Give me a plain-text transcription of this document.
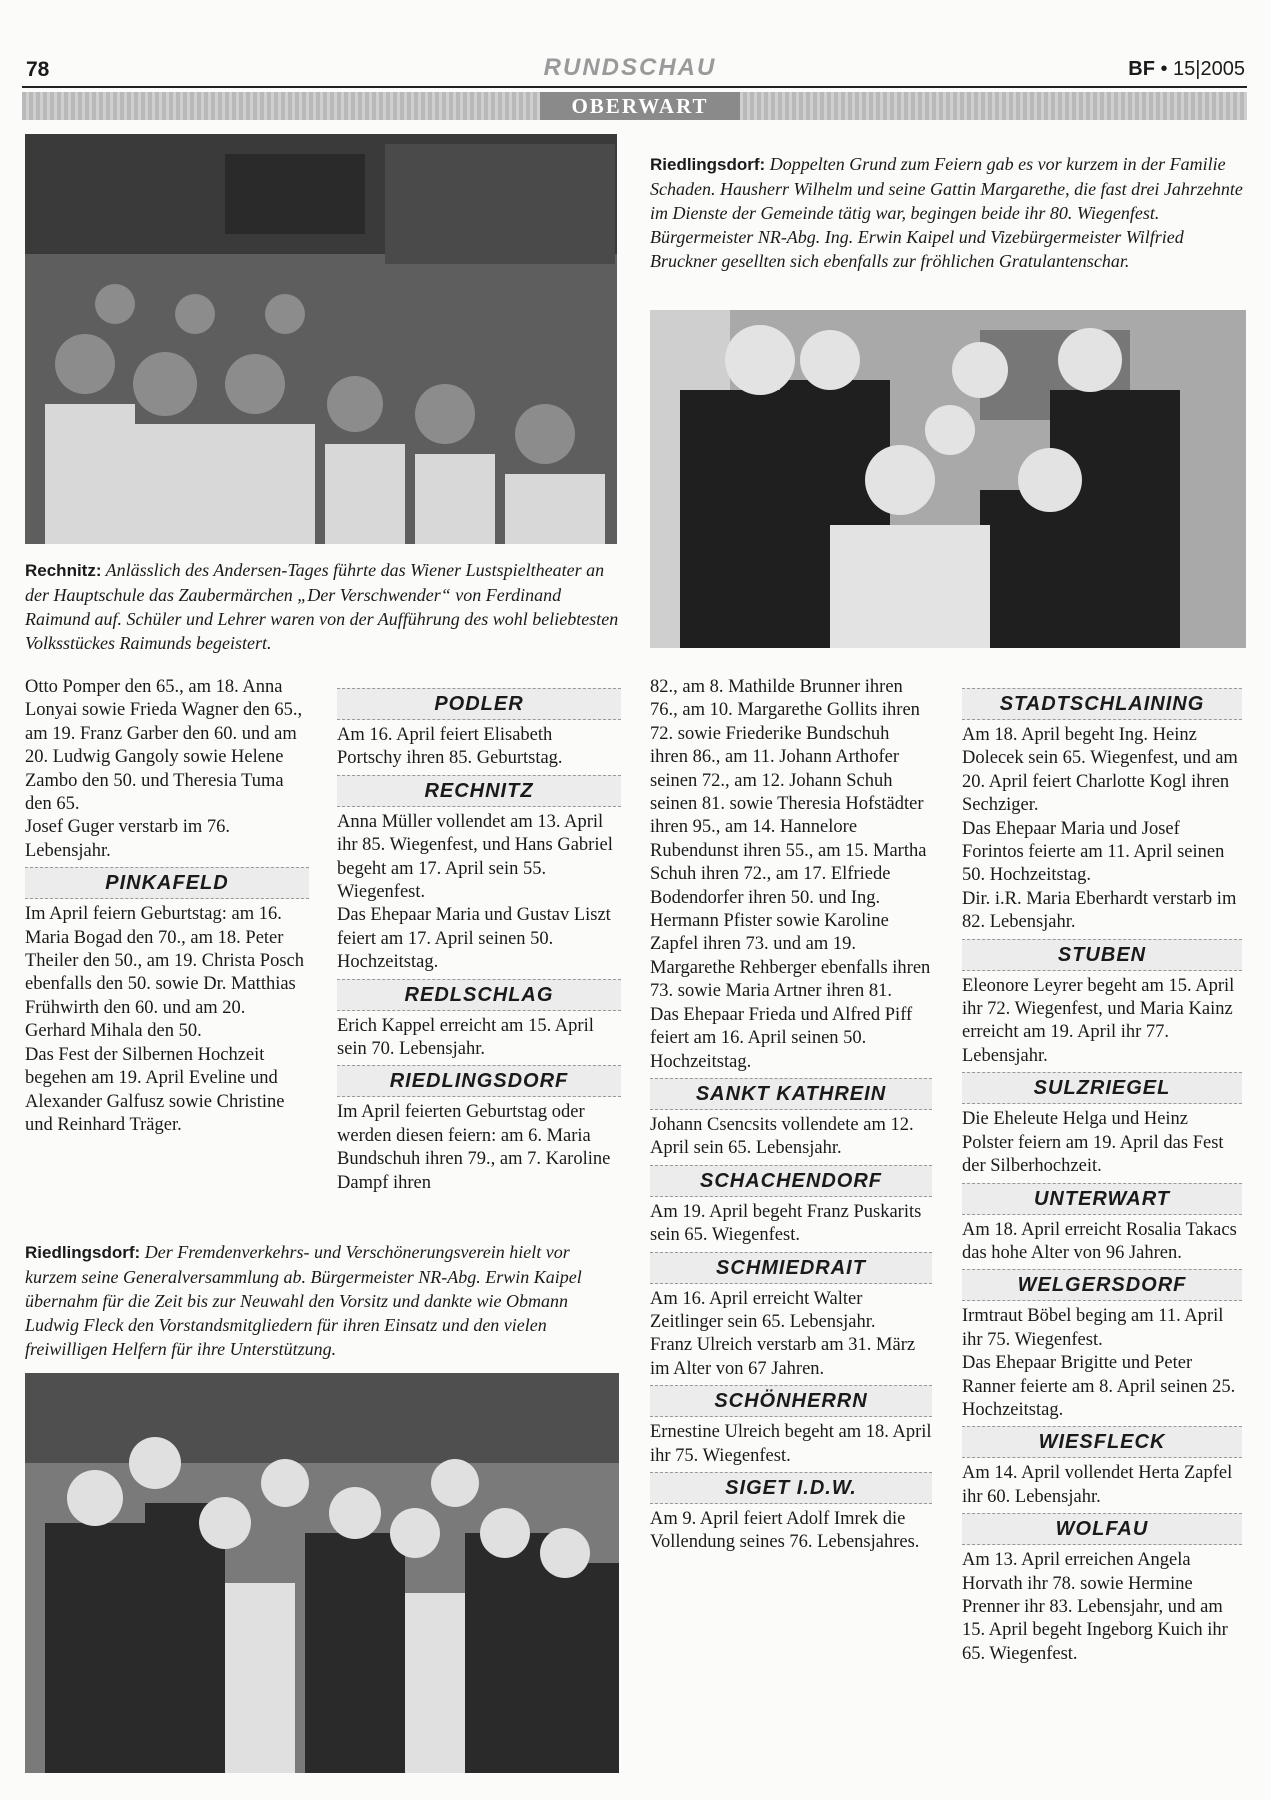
78	RUNDSCHAU	BF • 15|2005
OBERWART
Rechnitz: Anlässlich des Andersen-Tages führte das Wiener Lustspieltheater an der Hauptschule das Zaubermärchen „Der Verschwender“ von Ferdinand Raimund auf. Schüler und Lehrer waren von der Aufführung des wohl beliebtesten Volksstückes Raimunds begeistert.
Riedlingsdorf: Doppelten Grund zum Feiern gab es vor kurzem in der Familie Schaden. Hausherr Wilhelm und seine Gattin Margarethe, die fast drei Jahrzehnte im Dienste der Gemeinde tätig war, begingen beide ihr 80. Wiegenfest. Bürgermeister NR-Abg. Ing. Erwin Kaipel und Vizebürgermeister Wilfried Bruckner gesellten sich ebenfalls zur fröhlichen Gratulantenschar.

Otto Pomper den 65., am 18. Anna Lonyai sowie Frieda Wagner den 65., am 19. Franz Garber den 60. und am 20. Ludwig Gangoly sowie Helene Zambo den 50. und Theresia Tuma den 65.

Josef Guger verstarb im 76. Lebensjahr.

PINKAFELD

Im April feiern Geburtstag: am 16. Maria Bogad den 70., am 18. Peter Theiler den 50., am 19. Christa Posch ebenfalls den 50. sowie Dr. Matthias Frühwirth den 60. und am 20. Gerhard Mihala den 50.

Das Fest der Silbernen Hochzeit begehen am 19. April Eveline und Alexander Galfusz sowie Christine und Reinhard Träger.

PODLER

Am 16. April feiert Elisabeth Portschy ihren 85. Geburtstag.

RECHNITZ

Anna Müller vollendet am 13. April ihr 85. Wiegenfest, und Hans Gabriel begeht am 17. April sein 55. Wiegenfest.

Das Ehepaar Maria und Gustav Liszt feiert am 17. April seinen 50. Hochzeitstag.

REDLSCHLAG

Erich Kappel erreicht am 15. April sein 70. Lebensjahr.

RIEDLINGSDORF

Im April feierten Geburtstag oder werden diesen feiern: am 6. Maria Bundschuh ihren 79., am 7. Karoline Dampf ihren

Riedlingsdorf: Der Fremdenverkehrs- und Verschönerungsverein hielt vor kurzem seine Generalversammlung ab. Bürgermeister NR-Abg. Erwin Kaipel übernahm für die Zeit bis zur Neuwahl den Vorsitz und dankte wie Obmann Ludwig Fleck den Vorstandsmitgliedern für ihren Einsatz und den vielen freiwilligen Helfern für ihre Unterstützung.

82., am 8. Mathilde Brunner ihren 76., am 10. Margarethe Gollits ihren 72. sowie Friederike Bundschuh ihren 86., am 11. Johann Arthofer seinen 72., am 12. Johann Schuh seinen 81. sowie Theresia Hofstädter ihren 95., am 14. Hannelore Rubendunst ihren 55., am 15. Martha Schuh ihren 72., am 17. Elfriede Bodendorfer ihren 50. und Ing. Hermann Pfister sowie Karoline Zapfel ihren 73. und am 19. Margarethe Rehberger ebenfalls ihren 73. sowie Maria Artner ihren 81.

Das Ehepaar Frieda und Alfred Piff feiert am 16. April seinen 50. Hochzeitstag.

SANKT KATHREIN

Johann Csencsits vollendete am 12. April sein 65. Lebensjahr.

SCHACHENDORF

Am 19. April begeht Franz Puskarits sein 65. Wiegenfest.

SCHMIEDRAIT

Am 16. April erreicht Walter Zeitlinger sein 65. Lebensjahr.

Franz Ulreich verstarb am 31. März im Alter von 67 Jahren.

SCHÖNHERRN

Ernestine Ulreich begeht am 18. April ihr 75. Wiegenfest.

SIGET I.D.W.

Am 9. April feiert Adolf Imrek die Vollendung seines 76. Lebensjahres.

STADTSCHLAINING

Am 18. April begeht Ing. Heinz Dolecek sein 65. Wiegenfest, und am 20. April feiert Charlotte Kogl ihren Sechziger.

Das Ehepaar Maria und Josef Forintos feierte am 11. April seinen 50. Hochzeitstag.

Dir. i.R. Maria Eberhardt verstarb im 82. Lebensjahr.

STUBEN

Eleonore Leyrer begeht am 15. April ihr 72. Wiegenfest, und Maria Kainz erreicht am 19. April ihr 77. Lebensjahr.

SULZRIEGEL

Die Eheleute Helga und Heinz Polster feiern am 19. April das Fest der Silberhochzeit.

UNTERWART

Am 18. April erreicht Rosalia Takacs das hohe Alter von 96 Jahren.

WELGERSDORF

Irmtraut Böbel beging am 11. April ihr 75. Wiegenfest.

Das Ehepaar Brigitte und Peter Ranner feierte am 8. April seinen 25. Hochzeitstag.

WIESFLECK

Am 14. April vollendet Herta Zapfel ihr 60. Lebensjahr.

WOLFAU

Am 13. April erreichen Angela Horvath ihr 78. sowie Hermine Prenner ihr 83. Lebensjahr, und am 15. April begeht Ingeborg Kuich ihr 65. Wiegenfest.
